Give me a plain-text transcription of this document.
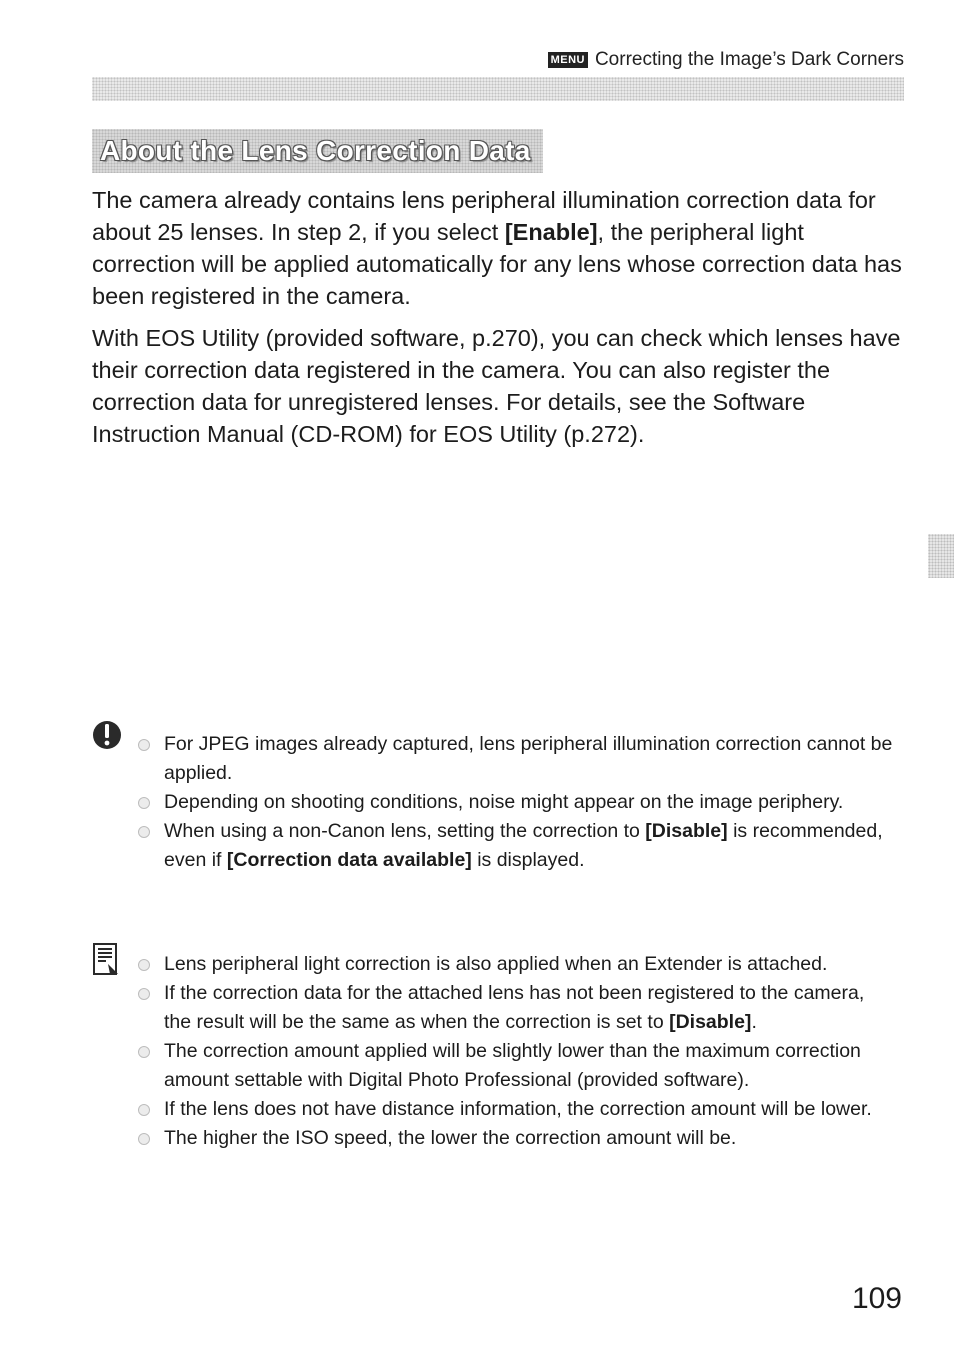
MENU Correcting the Image’s Dark Corners
About the Lens Correction Data
The camera already contains lens peripheral illumination correction data for about 25 lenses. In step 2, if you select [Enable], the peripheral light correction will be applied automatically for any lens whose correction data has been registered in the camera.
With EOS Utility (provided software, p.270), you can check which lenses have their correction data registered in the camera. You can also register the correction data for unregistered lenses. For details, see the Software Instruction Manual (CD-ROM) for EOS Utility (p.272).
For JPEG images already captured, lens peripheral illumination correction cannot be applied.
Depending on shooting conditions, noise might appear on the image periphery.
When using a non-Canon lens, setting the correction to [Disable] is recommended, even if [Correction data available] is displayed.
Lens peripheral light correction is also applied when an Extender is attached.
If the correction data for the attached lens has not been registered to the camera, the result will be the same as when the correction is set to [Disable].
The correction amount applied will be slightly lower than the maximum correction amount settable with Digital Photo Professional (provided software).
If the lens does not have distance information, the correction amount will be lower.
The higher the ISO speed, the lower the correction amount will be.
109
